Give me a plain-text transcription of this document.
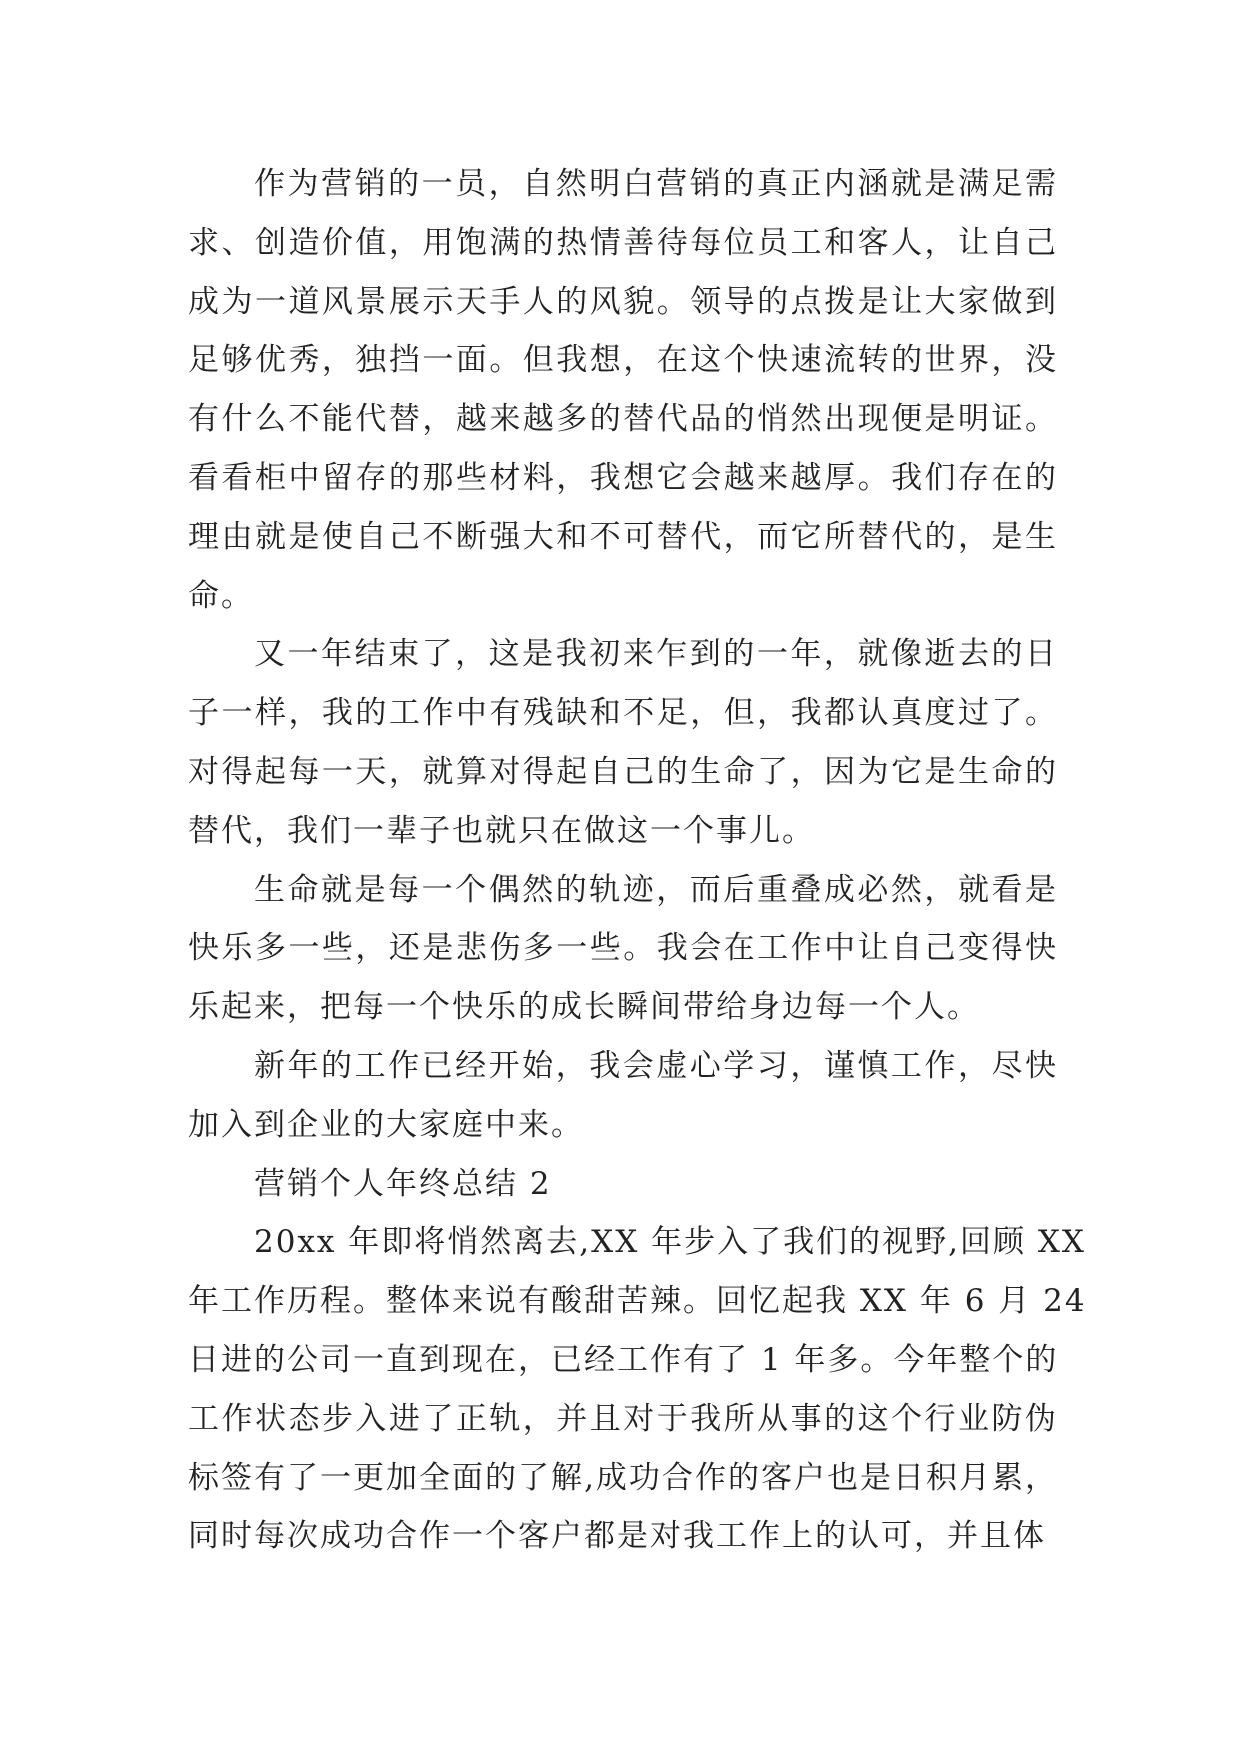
作为营销的一员，自然明白营销的真正内涵就是满足需
求、创造价值，用饱满的热情善待每位员工和客人，让自己
成为一道风景展示天手人的风貌。领导的点拨是让大家做到
足够优秀，独挡一面。但我想，在这个快速流转的世界，没
有什么不能代替，越来越多的替代品的悄然出现便是明证。
看看柜中留存的那些材料，我想它会越来越厚。我们存在的
理由就是使自己不断强大和不可替代，而它所替代的，是生
命。
又一年结束了，这是我初来乍到的一年，就像逝去的日
子一样，我的工作中有残缺和不足，但，我都认真度过了。
对得起每一天，就算对得起自己的生命了，因为它是生命的
替代，我们一辈子也就只在做这一个事儿。
生命就是每一个偶然的轨迹，而后重叠成必然，就看是
快乐多一些，还是悲伤多一些。我会在工作中让自己变得快
乐起来，把每一个快乐的成长瞬间带给身边每一个人。
新年的工作已经开始，我会虚心学习，谨慎工作，尽快
加入到企业的大家庭中来。
营销个人年终总结 2
20xx 年即将悄然离去,XX 年步入了我们的视野,回顾 XX
年工作历程。整体来说有酸甜苦辣。回忆起我 XX 年 6 月 24
日进的公司一直到现在，已经工作有了 1 年多。今年整个的
工作状态步入进了正轨，并且对于我所从事的这个行业防伪
标签有了一更加全面的了解,成功合作的客户也是日积月累，
同时每次成功合作一个客户都是对我工作上的认可，并且体
